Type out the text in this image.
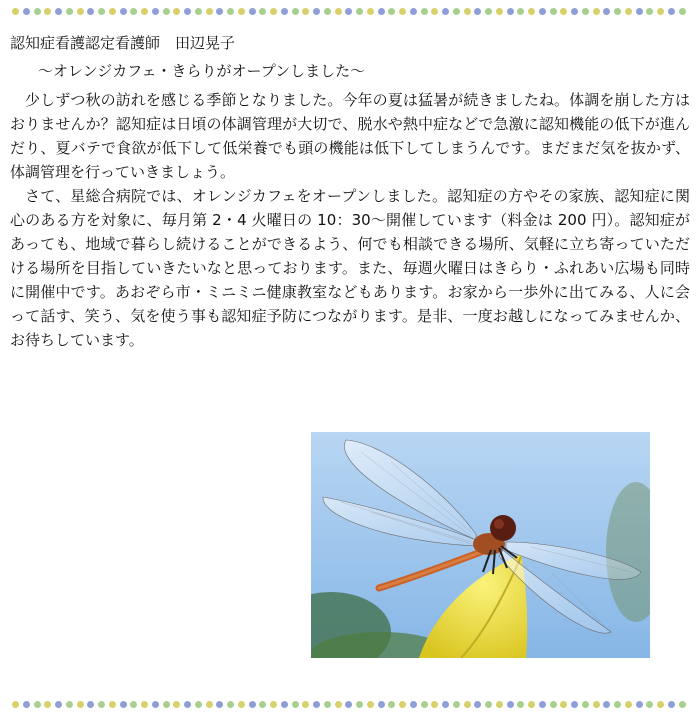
認知症看護認定看護師　田辺晃子
～オレンジカフェ・きらりがオープンしました～

少しずつ秋の訪れを感じる季節となりました。今年の夏は猛暑が続きましたね。体調を崩した方はおりませんか？認知症は日頃の体調管理が大切で、脱水や熱中症などで急激に認知機能の低下が進んだり、夏バテで食欲が低下して低栄養でも頭の機能は低下してしまうんです。まだまだ気を抜かず、体調管理を行っていきましょう。

さて、星総合病院では、オレンジカフェをオープンしました。認知症の方やその家族、認知症に関心のある方を対象に、毎月第 2・4 火曜日の 10：30～開催しています（料金は 200 円）。認知症があっても、地域で暮らし続けることができるよう、何でも相談できる場所、気軽に立ち寄っていただける場所を目指していきたいなと思っております。また、毎週火曜日はきらり・ふれあい広場も同時に開催中です。あおぞら市・ミニミニ健康教室などもあります。お家から一歩外に出てみる、人に会って話す、笑う、気を使う事も認知症予防につながります。是非、一度お越しになってみませんか、お待ちしています。
